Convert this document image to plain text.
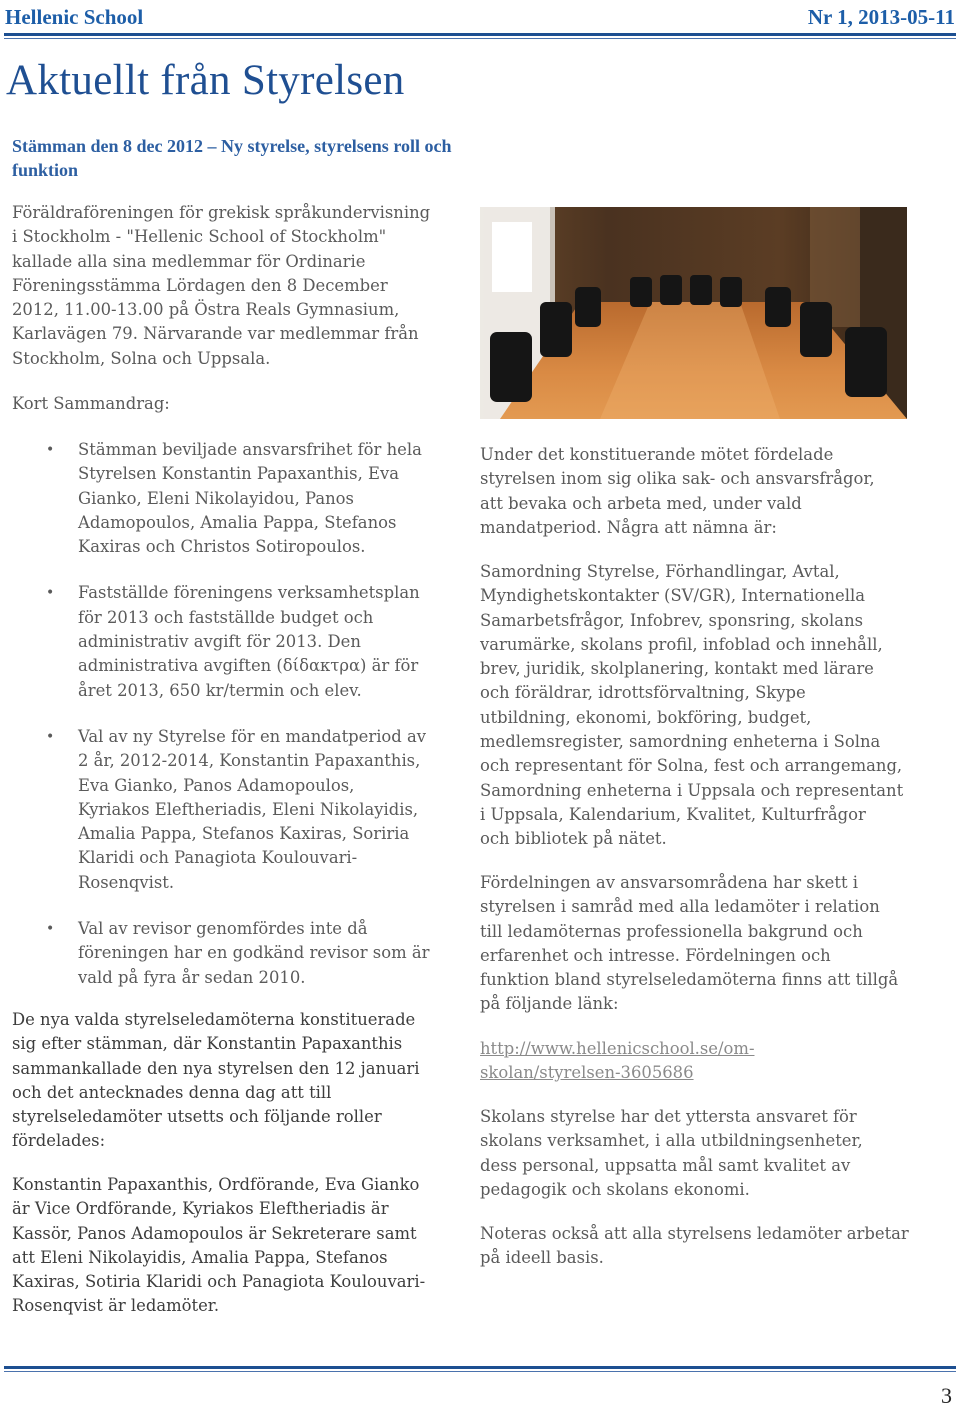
Hellenic School	Nr 1, 2013-05-11
Aktuellt från Styrelsen
Stämman den 8 dec 2012 – Ny styrelse, styrelsens roll och funktion
Föräldraföreningen för grekisk språkundervisning
i Stockholm - "Hellenic School of Stockholm"
kallade alla sina medlemmar för Ordinarie
Föreningsstämma Lördagen den 8 December
2012, 11.00-13.00 på Östra Reals Gymnasium,
Karlavägen 79. Närvarande var medlemmar från
Stockholm, Solna och Uppsala.
Kort Sammandrag:
• Stämman beviljade ansvarsfrihet för hela
Styrelsen Konstantin Papaxanthis, Eva
Gianko, Eleni Nikolayidou, Panos
Adamopoulos, Amalia Pappa, Stefanos
Kaxiras och Christos Sotiropoulos.
• Fastställde föreningens verksamhetsplan
för 2013 och fastställde budget och
administrativ avgift för 2013. Den
administrativa avgiften (δίδακτρα) är för
året 2013, 650 kr/termin och elev.
• Val av ny Styrelse för en mandatperiod av
2 år, 2012-2014, Konstantin Papaxanthis,
Eva Gianko, Panos Adamopoulos,
Kyriakos Eleftheriadis, Eleni Nikolayidis,
Amalia Pappa, Stefanos Kaxiras, Soriria
Klaridi och Panagiota Koulouvari-
Rosenqvist.
• Val av revisor genomfördes inte då
föreningen har en godkänd revisor som är
vald på fyra år sedan 2010.
De nya valda styrelseledamöterna konstituerade
sig efter stämman, där Konstantin Papaxanthis
sammankallade den nya styrelsen den 12 januari
och det antecknades denna dag att till
styrelseledamöter utsetts och följande roller
fördelades:
Konstantin Papaxanthis, Ordförande, Eva Gianko
är Vice Ordförande, Kyriakos Eleftheriadis är
Kassör, Panos Adamopoulos är Sekreterare samt
att Eleni Nikolayidis, Amalia Pappa, Stefanos
Kaxiras, Sotiria Klaridi och Panagiota Koulouvari-
Rosenqvist är ledamöter.
Under det konstituerande mötet fördelade
styrelsen inom sig olika sak- och ansvarsfrågor,
att bevaka och arbeta med, under vald
mandatperiod. Några att nämna är:
Samordning Styrelse, Förhandlingar, Avtal,
Myndighetskontakter (SV/GR), Internationella
Samarbetsfrågor, Infobrev, sponsring, skolans
varumärke, skolans profil, infoblad och innehåll,
brev, juridik, skolplanering, kontakt med lärare
och föräldrar, idrottsförvaltning, Skype
utbildning, ekonomi, bokföring, budget,
medlemsregister, samordning enheterna i Solna
och representant för Solna, fest och arrangemang,
Samordning enheterna i Uppsala och representant
i Uppsala, Kalendarium, Kvalitet, Kulturfrågor
och bibliotek på nätet.
Fördelningen av ansvarsområdena har skett i
styrelsen i samråd med alla ledamöter i relation
till ledamöternas professionella bakgrund och
erfarenhet och intresse. Fördelningen och
funktion bland styrelseledamöterna finns att tillgå
på följande länk:
http://www.hellenicschool.se/om-
skolan/styrelsen-3605686
Skolans styrelse har det yttersta ansvaret för
skolans verksamhet, i alla utbildningsenheter,
dess personal, uppsatta mål samt kvalitet av
pedagogik och skolans ekonomi.
Noteras också att alla styrelsens ledamöter arbetar
på ideell basis.
3
